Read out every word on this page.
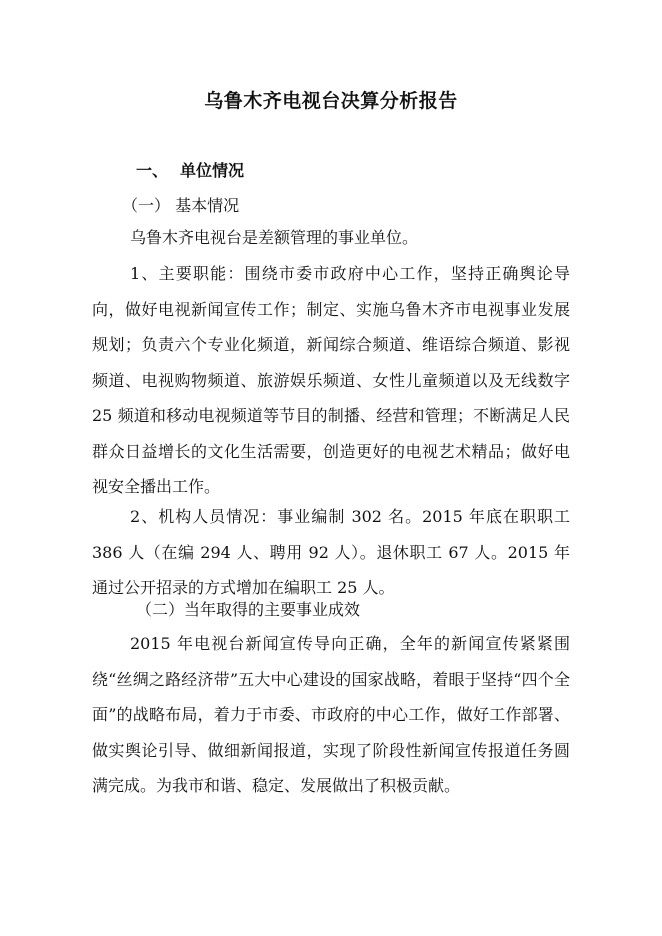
乌鲁木齐电视台决算分析报告
一、 单位情况
（一） 基本情况

乌鲁木齐电视台是差额管理的事业单位。

1、主要职能：围绕市委市政府中心工作，坚持正确舆论导向，做好电视新闻宣传工作；制定、实施乌鲁木齐市电视事业发展规划；负责六个专业化频道，新闻综合频道、维语综合频道、影视频道、电视购物频道、旅游娱乐频道、女性儿童频道以及无线数字 25 频道和移动电视频道等节目的制播、经营和管理；不断满足人民群众日益增长的文化生活需要，创造更好的电视艺术精品；做好电视安全播出工作。

2、机构人员情况：事业编制 302 名。2015 年底在职职工 386 人（在编 294 人、聘用 92 人）。退休职工 67 人。2015 年通过公开招录的方式增加在编职工 25 人。

（二）当年取得的主要事业成效

2015 年电视台新闻宣传导向正确，全年的新闻宣传紧紧围绕“丝绸之路经济带”五大中心建设的国家战略，着眼于坚持“四个全面”的战略布局，着力于市委、市政府的中心工作，做好工作部署、做实舆论引导、做细新闻报道，实现了阶段性新闻宣传报道任务圆满完成。为我市和谐、稳定、发展做出了积极贡献。
